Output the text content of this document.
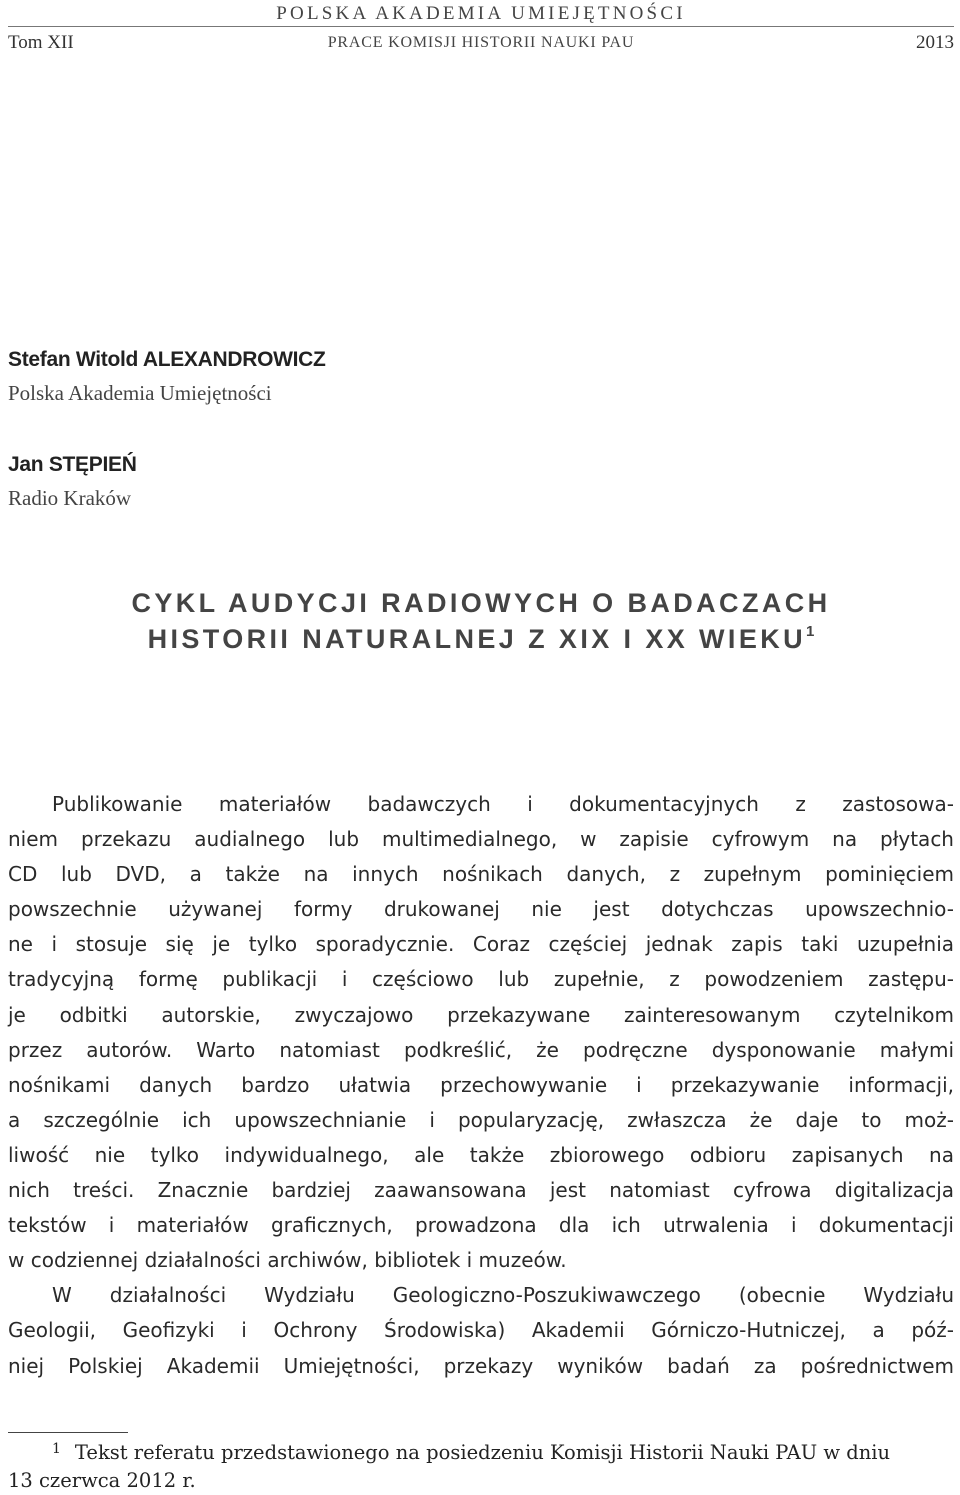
POLSKA AKADEMIA UMIEJĘTNOŚCI
Tom XII	PRACE KOMISJI HISTORII NAUKI PAU	2013
Stefan Witold ALEXANDROWICZ
Polska Akademia Umiejętności
Jan STĘPIEŃ
Radio Kraków
CYKL AUDYCJI RADIOWYCH O BADACZACH
HISTORII NATURALNEJ Z XIX I XX WIEKU$^1$
Publikowanie materiałów badawczych i dokumentacyjnych z zastosowa-
niem przekazu audialnego lub multimedialnego, w zapisie cyfrowym na płytach
CD lub DVD, a także na innych nośnikach danych, z zupełnym pominięciem
powszechnie używanej formy drukowanej nie jest dotychczas upowszechnio-
ne i stosuje się je tylko sporadycznie. Coraz częściej jednak zapis taki uzupełnia
tradycyjną formę publikacji i częściowo lub zupełnie, z powodzeniem zastępu-
je odbitki autorskie, zwyczajowo przekazywane zainteresowanym czytelnikom
przez autorów. Warto natomiast podkreślić, że podręczne dysponowanie małymi
nośnikami danych bardzo ułatwia przechowywanie i przekazywanie informacji,
a szczególnie ich upowszechnianie i popularyzację, zwłaszcza że daje to moż-
liwość nie tylko indywidualnego, ale także zbiorowego odbioru zapisanych na
nich treści. Znacznie bardziej zaawansowana jest natomiast cyfrowa digitalizacja
tekstów i materiałów graficznych, prowadzona dla ich utrwalenia i dokumentacji
w codziennej działalności archiwów, bibliotek i muzeów.
W działalności Wydziału Geologiczno-Poszukiwawczego (obecnie Wydziału
Geologii, Geofizyki i Ochrony Środowiska) Akademii Górniczo-Hutniczej, a póź-
niej Polskiej Akademii Umiejętności, przekazy wyników badań za pośrednictwem
$^1$ Tekst referatu przedstawionego na posiedzeniu Komisji Historii Nauki PAU w dniu
13 czerwca 2012 r.
